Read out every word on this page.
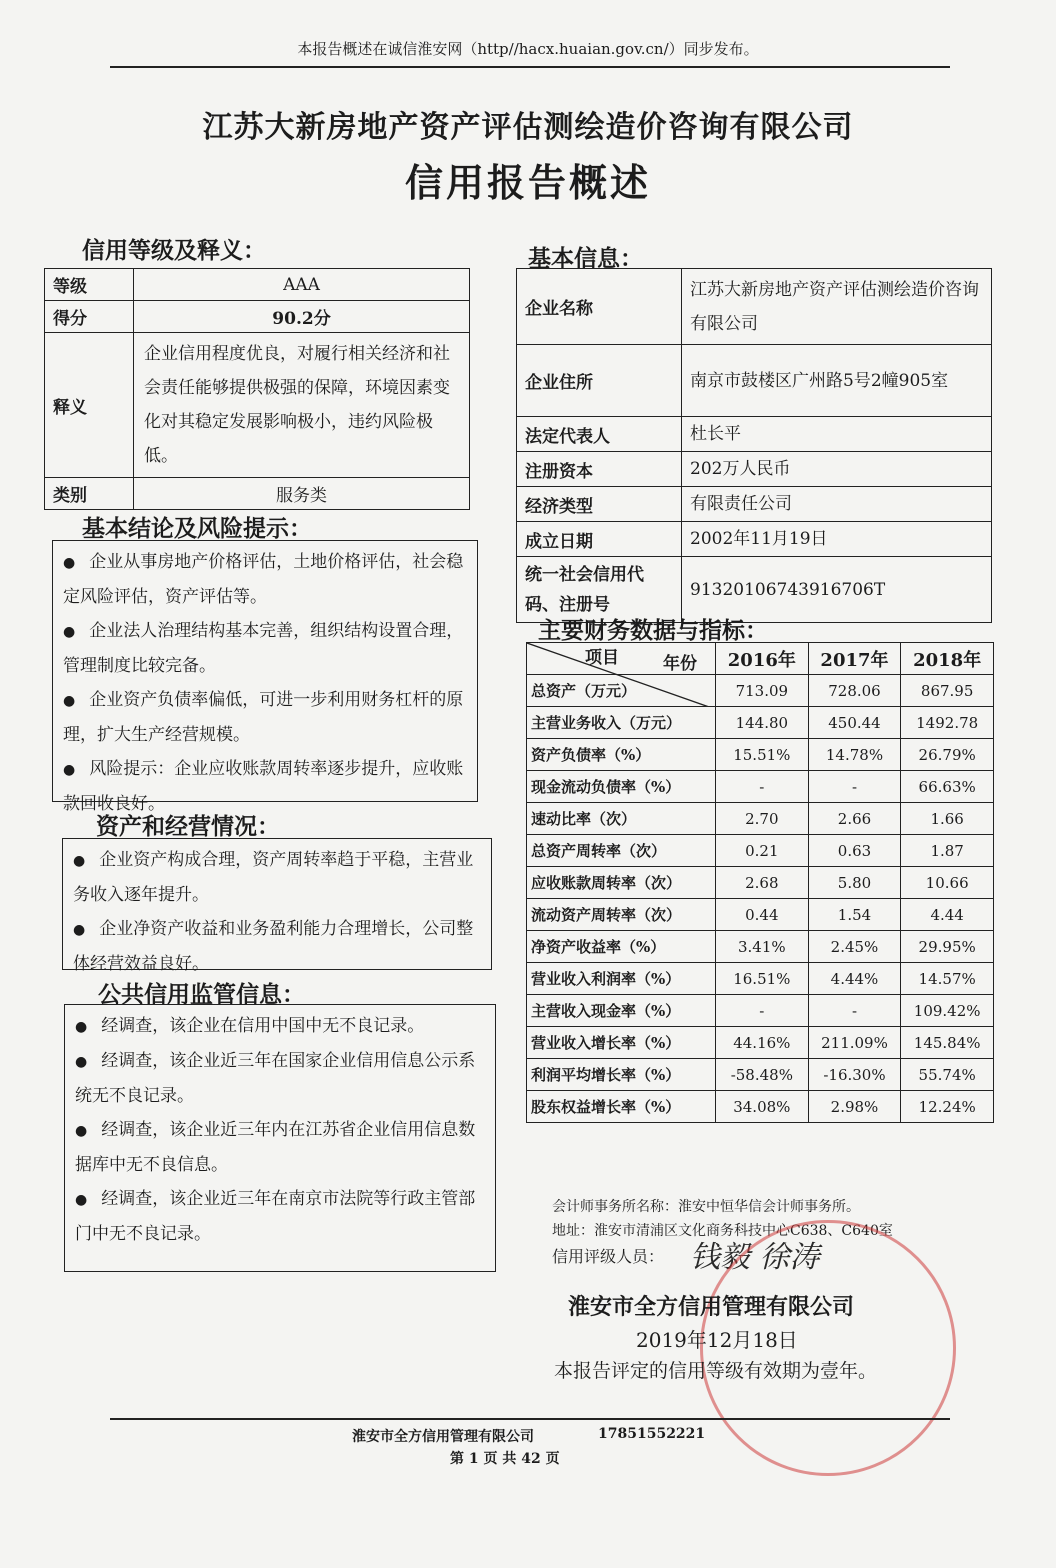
本报告概述在诚信淮安网（http//hacx.huaian.gov.cn/）同步发布。
江苏大新房地产资产评估测绘造价咨询有限公司
信用报告概述
信用等级及释义：
等级	AAA
得分	90.2分
释义	企业信用程度优良，对履行相关经济和社会责任能够提供极强的保障，环境因素变化对其稳定发展影响极小，违约风险极低。
类别	服务类
基本结论及风险提示：

● 企业从事房地产价格评估，土地价格评估，社会稳定风险评估，资产评估等。

● 企业法人治理结构基本完善，组织结构设置合理，管理制度比较完备。

● 企业资产负债率偏低，可进一步利用财务杠杆的原理，扩大生产经营规模。

● 风险提示：企业应收账款周转率逐步提升，应收账款回收良好。

资产和经营情况：

● 企业资产构成合理，资产周转率趋于平稳，主营业务收入逐年提升。

● 企业净资产收益和业务盈利能力合理增长，公司整体经营效益良好。

公共信用监管信息：

● 经调查，该企业在信用中国中无不良记录。

● 经调查，该企业近三年在国家企业信用信息公示系统无不良记录。

● 经调查，该企业近三年内在江苏省企业信用信息数据库中无不良信息。

● 经调查，该企业近三年在南京市法院等行政主管部门中无不良记录。

基本信息：
企业名称	江苏大新房地产资产评估测绘造价咨询有限公司
企业住所	南京市鼓楼区广州路5号2幢905室
法定代表人	杜长平
注册资本	202万人民币
经济类型	有限责任公司
成立日期	2002年11月19日
统一社会信用代码、注册号	91320106743916706T
主要财务数据与指标：
年份
项目	2016年	2017年	2018年
总资产（万元）	713.09	728.06	867.95
主营业务收入（万元）	144.80	450.44	1492.78
资产负债率（%）	15.51%	14.78%	26.79%
现金流动负债率（%）	-	-	66.63%
速动比率（次）	2.70	2.66	1.66
总资产周转率（次）	0.21	0.63	1.87
应收账款周转率（次）	2.68	5.80	10.66
流动资产周转率（次）	0.44	1.54	4.44
净资产收益率（%）	3.41%	2.45%	29.95%
营业收入利润率（%）	16.51%	4.44%	14.57%
主营收入现金率（%）	-	-	109.42%
营业收入增长率（%）	44.16%	211.09%	145.84%
利润平均增长率（%）	-58.48%	-16.30%	55.74%
股东权益增长率（%）	34.08%	2.98%	12.24%
会计师事务所名称：淮安中恒华信会计师事务所。
地址：淮安市清浦区文化商务科技中心C638、C640室
信用评级人员： 钱毅 徐涛
淮安市全方信用管理有限公司
2019年12月18日
本报告评定的信用等级有效期为壹年。
淮安市全方信用管理有限公司	17851552221
第 1 页 共 42 页
